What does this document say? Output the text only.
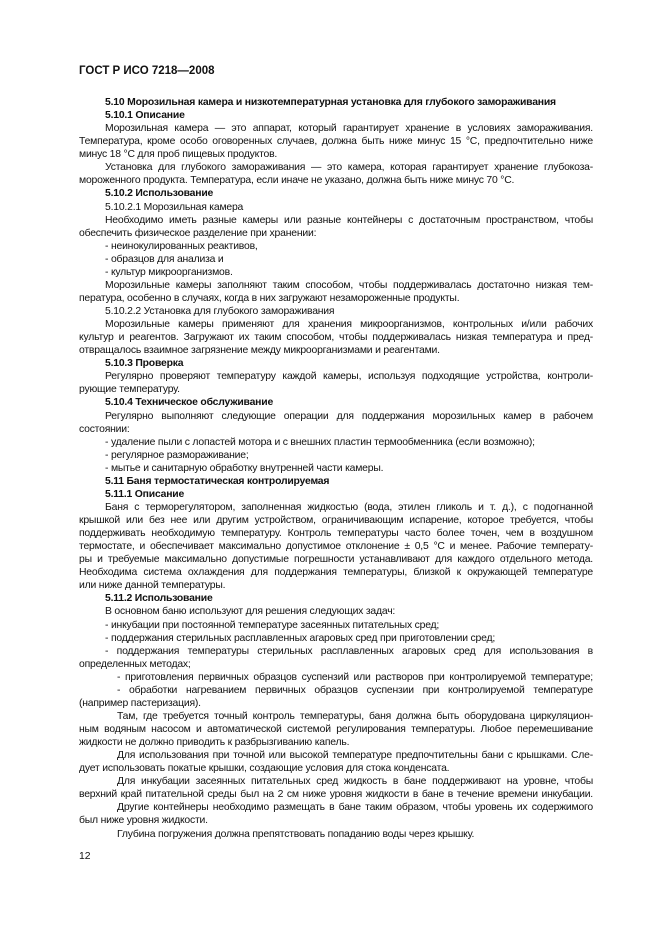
ГОСТ Р ИСО 7218—2008
5.10 Морозильная камера и низкотемпературная установка для глубокого замораживания
5.10.1 Описание
Морозильная камера — это аппарат, который гарантирует хранение в условиях замораживания.
Температура, кроме особо оговоренных случаев, должна быть ниже минус 15 °С, предпочтительно ниже
минус 18 °С для проб пищевых продуктов.
Установка для глубокого замораживания — это камера, которая гарантирует хранение глубокоза-
мороженного продукта. Температура, если иначе не указано, должна быть ниже минус 70 °С.
5.10.2 Использование
5.10.2.1 Морозильная камера
Необходимо иметь разные камеры или разные контейнеры с достаточным пространством, чтобы
обеспечить физическое разделение при хранении:
- неинокулированных реактивов,
- образцов для анализа и
- культур микроорганизмов.
Морозильные камеры заполняют таким способом, чтобы поддерживалась достаточно низкая тем-
пература, особенно в случаях, когда в них загружают незамороженные продукты.
5.10.2.2 Установка для глубокого замораживания
Морозильные камеры применяют для хранения микроорганизмов, контрольных и/или рабочих
культур и реагентов. Загружают их таким способом, чтобы поддерживалась низкая температура и пред-
отвращалось взаимное загрязнение между микроорганизмами и реагентами.
5.10.3 Проверка
Регулярно проверяют температуру каждой камеры, используя подходящие устройства, контроли-
рующие температуру.
5.10.4 Техническое обслуживание
Регулярно выполняют следующие операции для поддержания морозильных камер в рабочем
состоянии:
- удаление пыли с лопастей мотора и с внешних пластин термообменника (если возможно);
- регулярное размораживание;
- мытье и санитарную обработку внутренней части камеры.
5.11 Баня термостатическая контролируемая
5.11.1 Описание
Баня с терморегулятором, заполненная жидкостью (вода, этилен гликоль и т. д.), с подогнанной
крышкой или без нее или другим устройством, ограничивающим испарение, которое требуется, чтобы
поддерживать необходимую температуру. Контроль температуры часто более точен, чем в воздушном
термостате, и обеспечивает максимально допустимое отклонение ± 0,5 °С и менее. Рабочие температу-
ры и требуемые максимально допустимые погрешности устанавливают для каждого отдельного метода.
Необходима система охлаждения для поддержания температуры, близкой к окружающей температуре
или ниже данной температуры.
5.11.2 Использование
В основном баню используют для решения следующих задач:
- инкубации при постоянной температуре засеянных питательных сред;
- поддержания стерильных расплавленных агаровых сред при приготовлении сред;
- поддержания температуры стерильных расплавленных агаровых сред для использования в
определенных методах;
- приготовления первичных образцов суспензий или растворов при контролируемой температуре;
- обработки нагреванием первичных образцов суспензии при контролируемой температуре
(например пастеризация).
Там, где требуется точный контроль температуры, баня должна быть оборудована циркуляцион-
ным водяным насосом и автоматической системой регулирования температуры. Любое перемешивание
жидкости не должно приводить к разбрызгиванию капель.
Для использования при точной или высокой температуре предпочтительны бани с крышками. Сле-
дует использовать покатые крышки, создающие условия для стока конденсата.
Для инкубации засеянных питательных сред жидкость в бане поддерживают на уровне, чтобы
верхний край питательной среды был на 2 см ниже уровня жидкости в бане в течение времени инкубации.
Другие контейнеры необходимо размещать в бане таким образом, чтобы уровень их содержимого
был ниже уровня жидкости.
Глубина погружения должна препятствовать попаданию воды через крышку.
12
